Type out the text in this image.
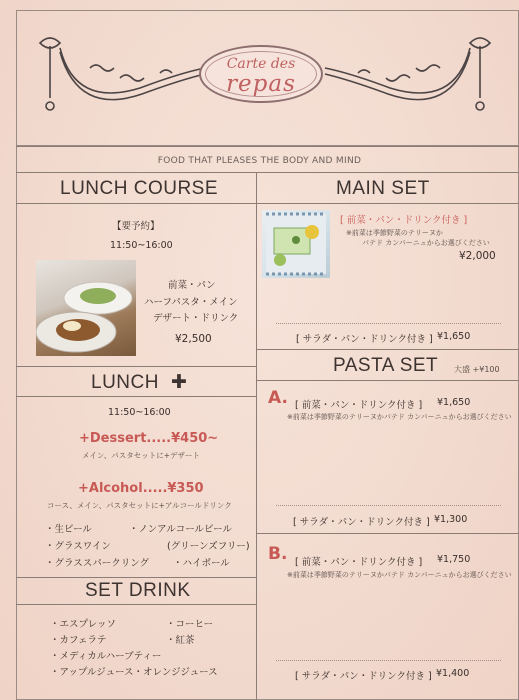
Carte des
repas
FOOD THAT PLEASES THE BODY AND MIND
LUNCH COURSE
【要予約】
11:50~16:00
前菜・パン
ハーフパスタ・メイン
デザート・ドリンク
¥2,500
MAIN SET
[ 前菜・パン・ドリンク付き ]
※前菜は季節野菜のテリーヌか
パテド カンパーニュからお選びください
¥2,000
[ サラダ・パン・ドリンク付き ] ¥1,650
LUNCH ✚
11:50~16:00
+Dessert.....¥450~
メイン、パスタセットに+デザート
+Alcohol.....¥350
コース、メイン、パスタセットに+アルコールドリンク
・生ビール
・グラスワイン
・グラススパークリング
・ノンアルコールビール
(グリーンズフリー)
・ハイボール
PASTA SET 大盛 +¥100
A. [ 前菜・パン・ドリンク付き ] ¥1,650
※前菜は季節野菜のテリーヌかパテド カンパーニュからお選びください
[ サラダ・パン・ドリンク付き ] ¥1,300
B. [ 前菜・パン・ドリンク付き ] ¥1,750
※前菜は季節野菜のテリーヌかパテド カンパーニュからお選びください
[ サラダ・パン・ドリンク付き ] ¥1,400
SET DRINK
・エスプレッソ
・カフェラテ
・メディカルハーブティー
・アップルジュース・オレンジジュース
・コーヒー
・紅茶
